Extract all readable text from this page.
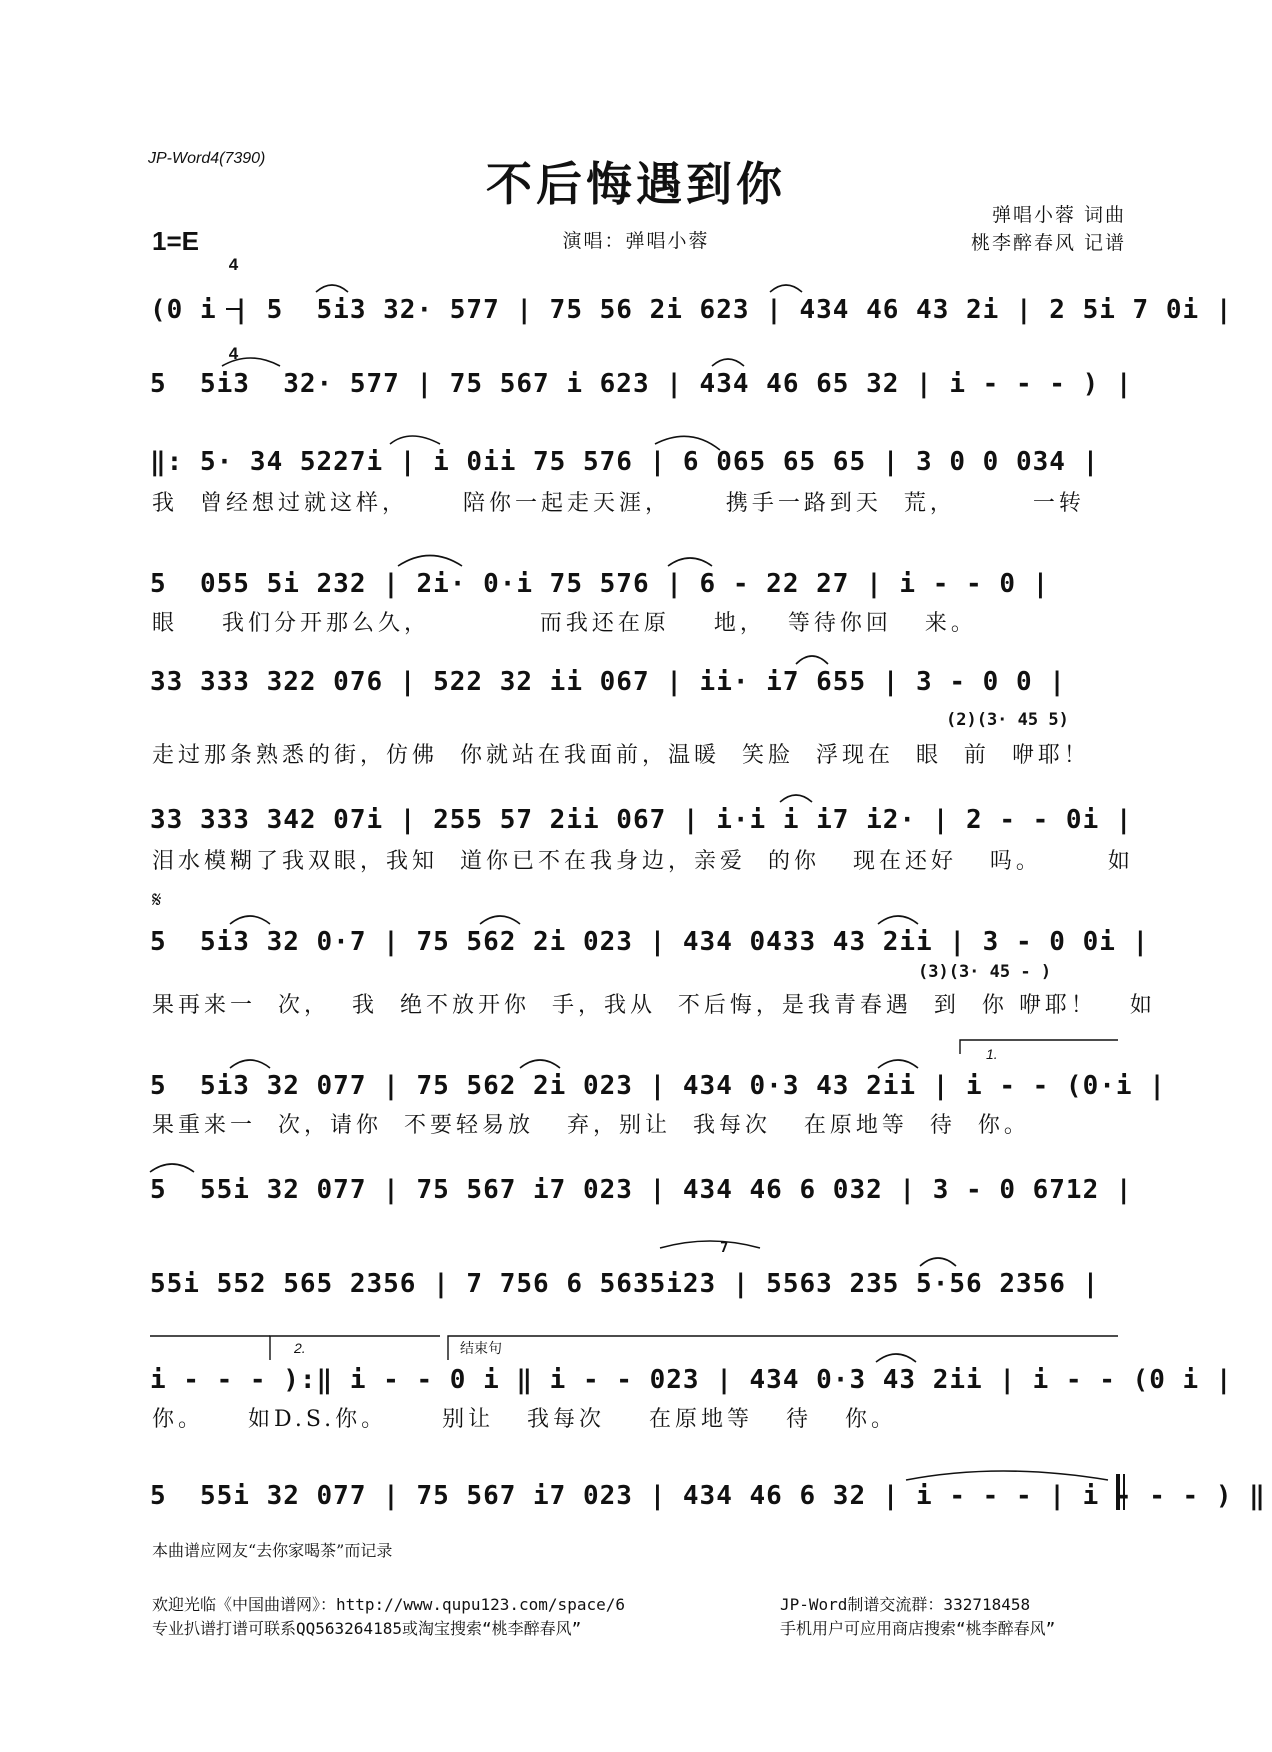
JP-Word4(7390)	不后悔遇到你
弹唱小蓉 词曲
桃李醉春风 记谱
1=E

4

4

演唱：弹唱小蓉
(0 i | 5  5i3 32· 577 | 75 56 2i 623 | 434 46 43 2i | 2 5i 7 0i |
5  5i3  32· 577 | 75 567 i 623 | 434 46 65 32 | i - - - ) |
‖: 5· 34 5227i | i 0ii 75 576 | 6 065 65 65 | 3 0 0 034 |
我  曾经想过就这样，     陪你一起走天涯，     携手一路到天  荒，       一转
5  055 5i 232 | 2i· 0·i 75 576 | 6 - 22 27 | i - - 0 |
眼    我们分开那么久，          而我还在原    地，  等待你回   来。
33 333 322 076 | 522 32 ii 067 | ii· i7 655 | 3 - 0 0 |
(2)(3· 45 5)
走过那条熟悉的街，仿佛  你就站在我面前，温暖  笑脸  浮现在  眼  前  咿耶！
33 333 342 07i | 255 57 2ii 067 | i·i i i7 i2· | 2 - - 0i |
泪水模糊了我双眼，我知  道你已不在我身边，亲爱  的你   现在还好   吗。      如
𝄋
5  5i3 32 0·7 | 75 562 2i 023 | 434 0433 43 2ii | 3 - 0 0i |
(3)(3· 45 - )
果再来一  次，  我  绝不放开你  手，我从  不后悔，是我青春遇  到  你 咿耶！   如
1.
5  5i3 32 077 | 75 562 2i 023 | 434 0·3 43 2ii | i - - (0·i |
果重来一  次，请你  不要轻易放   弃，别让  我每次   在原地等  待  你。
5  55i 32 077 | 75 567 i7 023 | 434 46 6 032 | 3 - 0 6712 |
7
55i 552 565 2356 | 7 756 6 5635i23 | 5563 235 5·56 2356 |
2.	结束句
i - - - ):‖ i - - 0 i ‖ i - - 023 | 434 0·3 43 2ii | i - - (0 i |
你。    如D.S.你。     别让   我每次    在原地等   待   你。
5  55i 32 077 | 75 567 i7 023 | 434 46 6 32 | i - - - | i - - - ) ‖
本曲谱应网友“去你家喝茶”而记录
欢迎光临《中国曲谱网》：http://www.qupu123.com/space/6	JP-Word制谱交流群：332718458
专业扒谱打谱可联系QQ563264185或淘宝搜索“桃李醉春风”	手机用户可应用商店搜索“桃李醉春风”
